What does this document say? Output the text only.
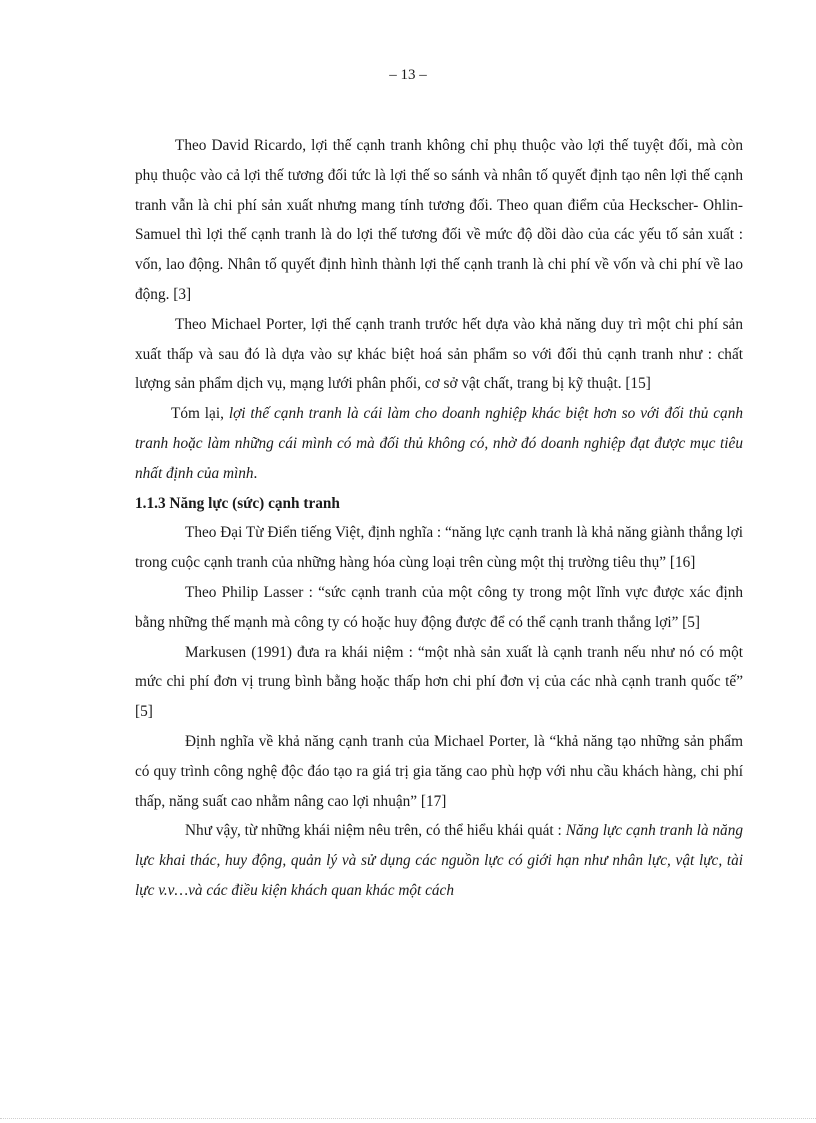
– 13 –

Theo David Ricardo, lợi thế cạnh tranh không chỉ phụ thuộc vào lợi thế tuyệt đối, mà còn phụ thuộc vào cả lợi thế tương đối tức là lợi thế so sánh và nhân tố quyết định tạo nên lợi thế cạnh tranh vẫn là chi phí sản xuất nhưng mang tính tương đối. Theo quan điểm của Heckscher- Ohlin-Samuel thì lợi thế cạnh tranh là do lợi thế tương đối về mức độ dồi dào của các yếu tố sản xuất : vốn, lao động. Nhân tố quyết định hình thành lợi thế cạnh tranh là chi phí về vốn và chi phí về lao động. [3]

Theo Michael Porter, lợi thế cạnh tranh trước hết dựa vào khả năng duy trì một chi phí sản xuất thấp và sau đó là dựa vào sự khác biệt hoá sản phẩm so với đối thủ cạnh tranh như : chất lượng sản phẩm dịch vụ, mạng lưới phân phối, cơ sở vật chất, trang bị kỹ thuật. [15]

Tóm lại, lợi thế cạnh tranh là cái làm cho doanh nghiệp khác biệt hơn so với đối thủ cạnh tranh hoặc làm những cái mình có mà đối thủ không có, nhờ đó doanh nghiệp đạt được mục tiêu nhất định của mình.

1.1.3 Năng lực (sức) cạnh tranh

Theo Đại Từ Điển tiếng Việt, định nghĩa : “năng lực cạnh tranh là khả năng giành thắng lợi trong cuộc cạnh tranh của những hàng hóa cùng loại trên cùng một thị trường tiêu thụ” [16]

Theo Philip Lasser : “sức cạnh tranh của một công ty trong một lĩnh vực được xác định bằng những thế mạnh mà công ty có hoặc huy động được để có thể cạnh tranh thắng lợi” [5]

Markusen (1991) đưa ra khái niệm : “một nhà sản xuất là cạnh tranh nếu như nó có một mức chi phí đơn vị trung bình bằng hoặc thấp hơn chi phí đơn vị của các nhà cạnh tranh quốc tế” [5]

Định nghĩa về khả năng cạnh tranh của Michael Porter, là “khả năng tạo những sản phẩm có quy trình công nghệ độc đáo tạo ra giá trị gia tăng cao phù hợp với nhu cầu khách hàng, chi phí thấp, năng suất cao nhằm nâng cao lợi nhuận” [17]

Như vậy, từ những khái niệm nêu trên, có thể hiểu khái quát : Năng lực cạnh tranh là năng lực khai thác, huy động, quản lý và sử dụng các nguồn lực có giới hạn như nhân lực, vật lực, tài lực v.v…và các điều kiện khách quan khác một cách
